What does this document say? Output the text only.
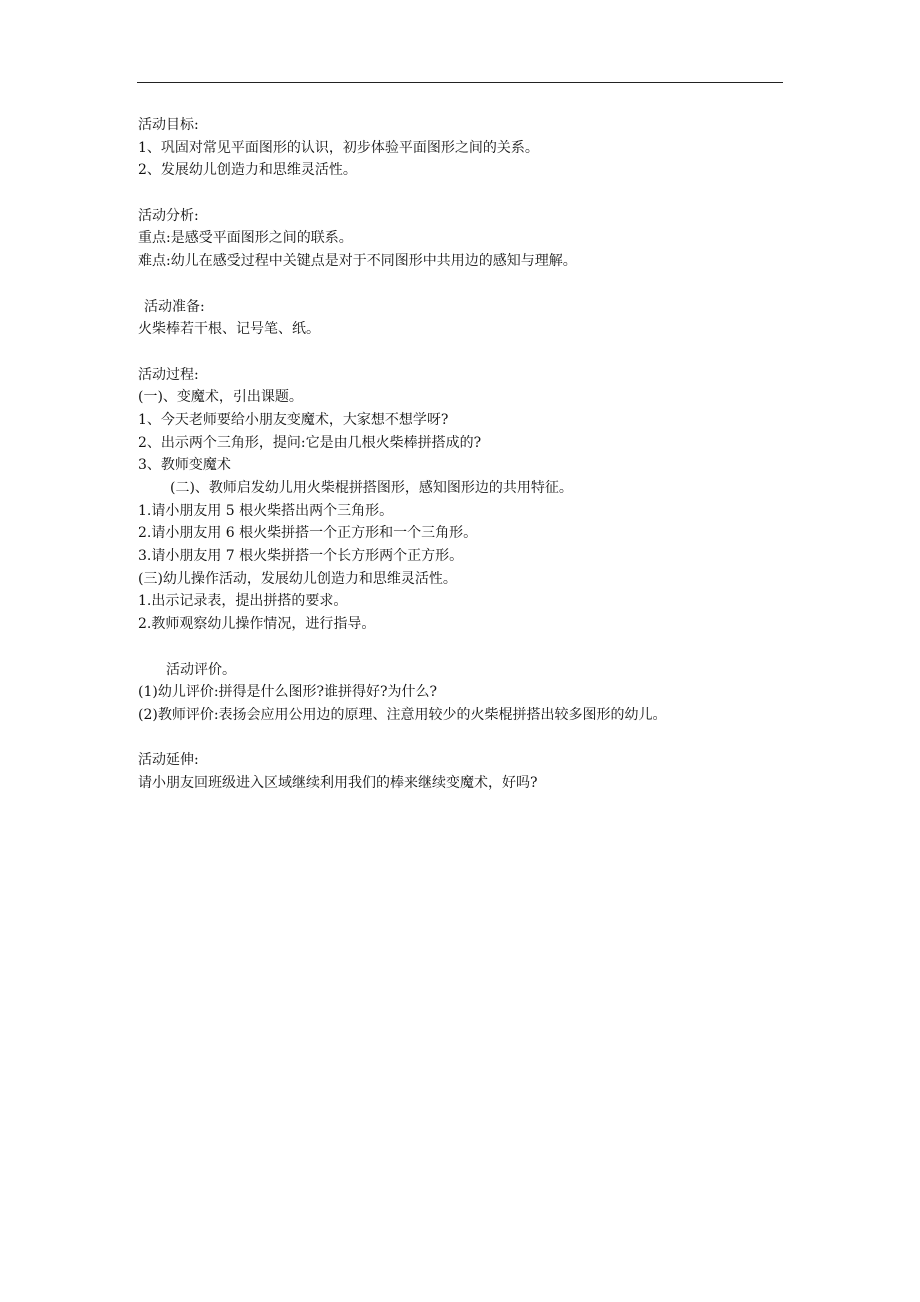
活动目标:
1、巩固对常见平面图形的认识，初步体验平面图形之间的关系。
2、发展幼儿创造力和思维灵活性。
活动分析:
重点:是感受平面图形之间的联系。
难点:幼儿在感受过程中关键点是对于不同图形中共用边的感知与理解。
活动准备:
火柴棒若干根、记号笔、纸。
活动过程:
(一)、变魔术，引出课题。
1、今天老师要给小朋友变魔术，大家想不想学呀?
2、出示两个三角形，提问:它是由几根火柴棒拼搭成的?
3、教师变魔术
(二)、教师启发幼儿用火柴棍拼搭图形，感知图形边的共用特征。
1.请小朋友用 5 根火柴搭出两个三角形。
2.请小朋友用 6 根火柴拼搭一个正方形和一个三角形。
3.请小朋友用 7 根火柴拼搭一个长方形两个正方形。
(三)幼儿操作活动，发展幼儿创造力和思维灵活性。
1.出示记录表，提出拼搭的要求。
2.教师观察幼儿操作情况，进行指导。
活动评价。
(1)幼儿评价:拼得是什么图形?谁拼得好?为什么?
(2)教师评价:表扬会应用公用边的原理、注意用较少的火柴棍拼搭出较多图形的幼儿。
活动延伸:
请小朋友回班级进入区域继续利用我们的棒来继续变魔术，好吗?
